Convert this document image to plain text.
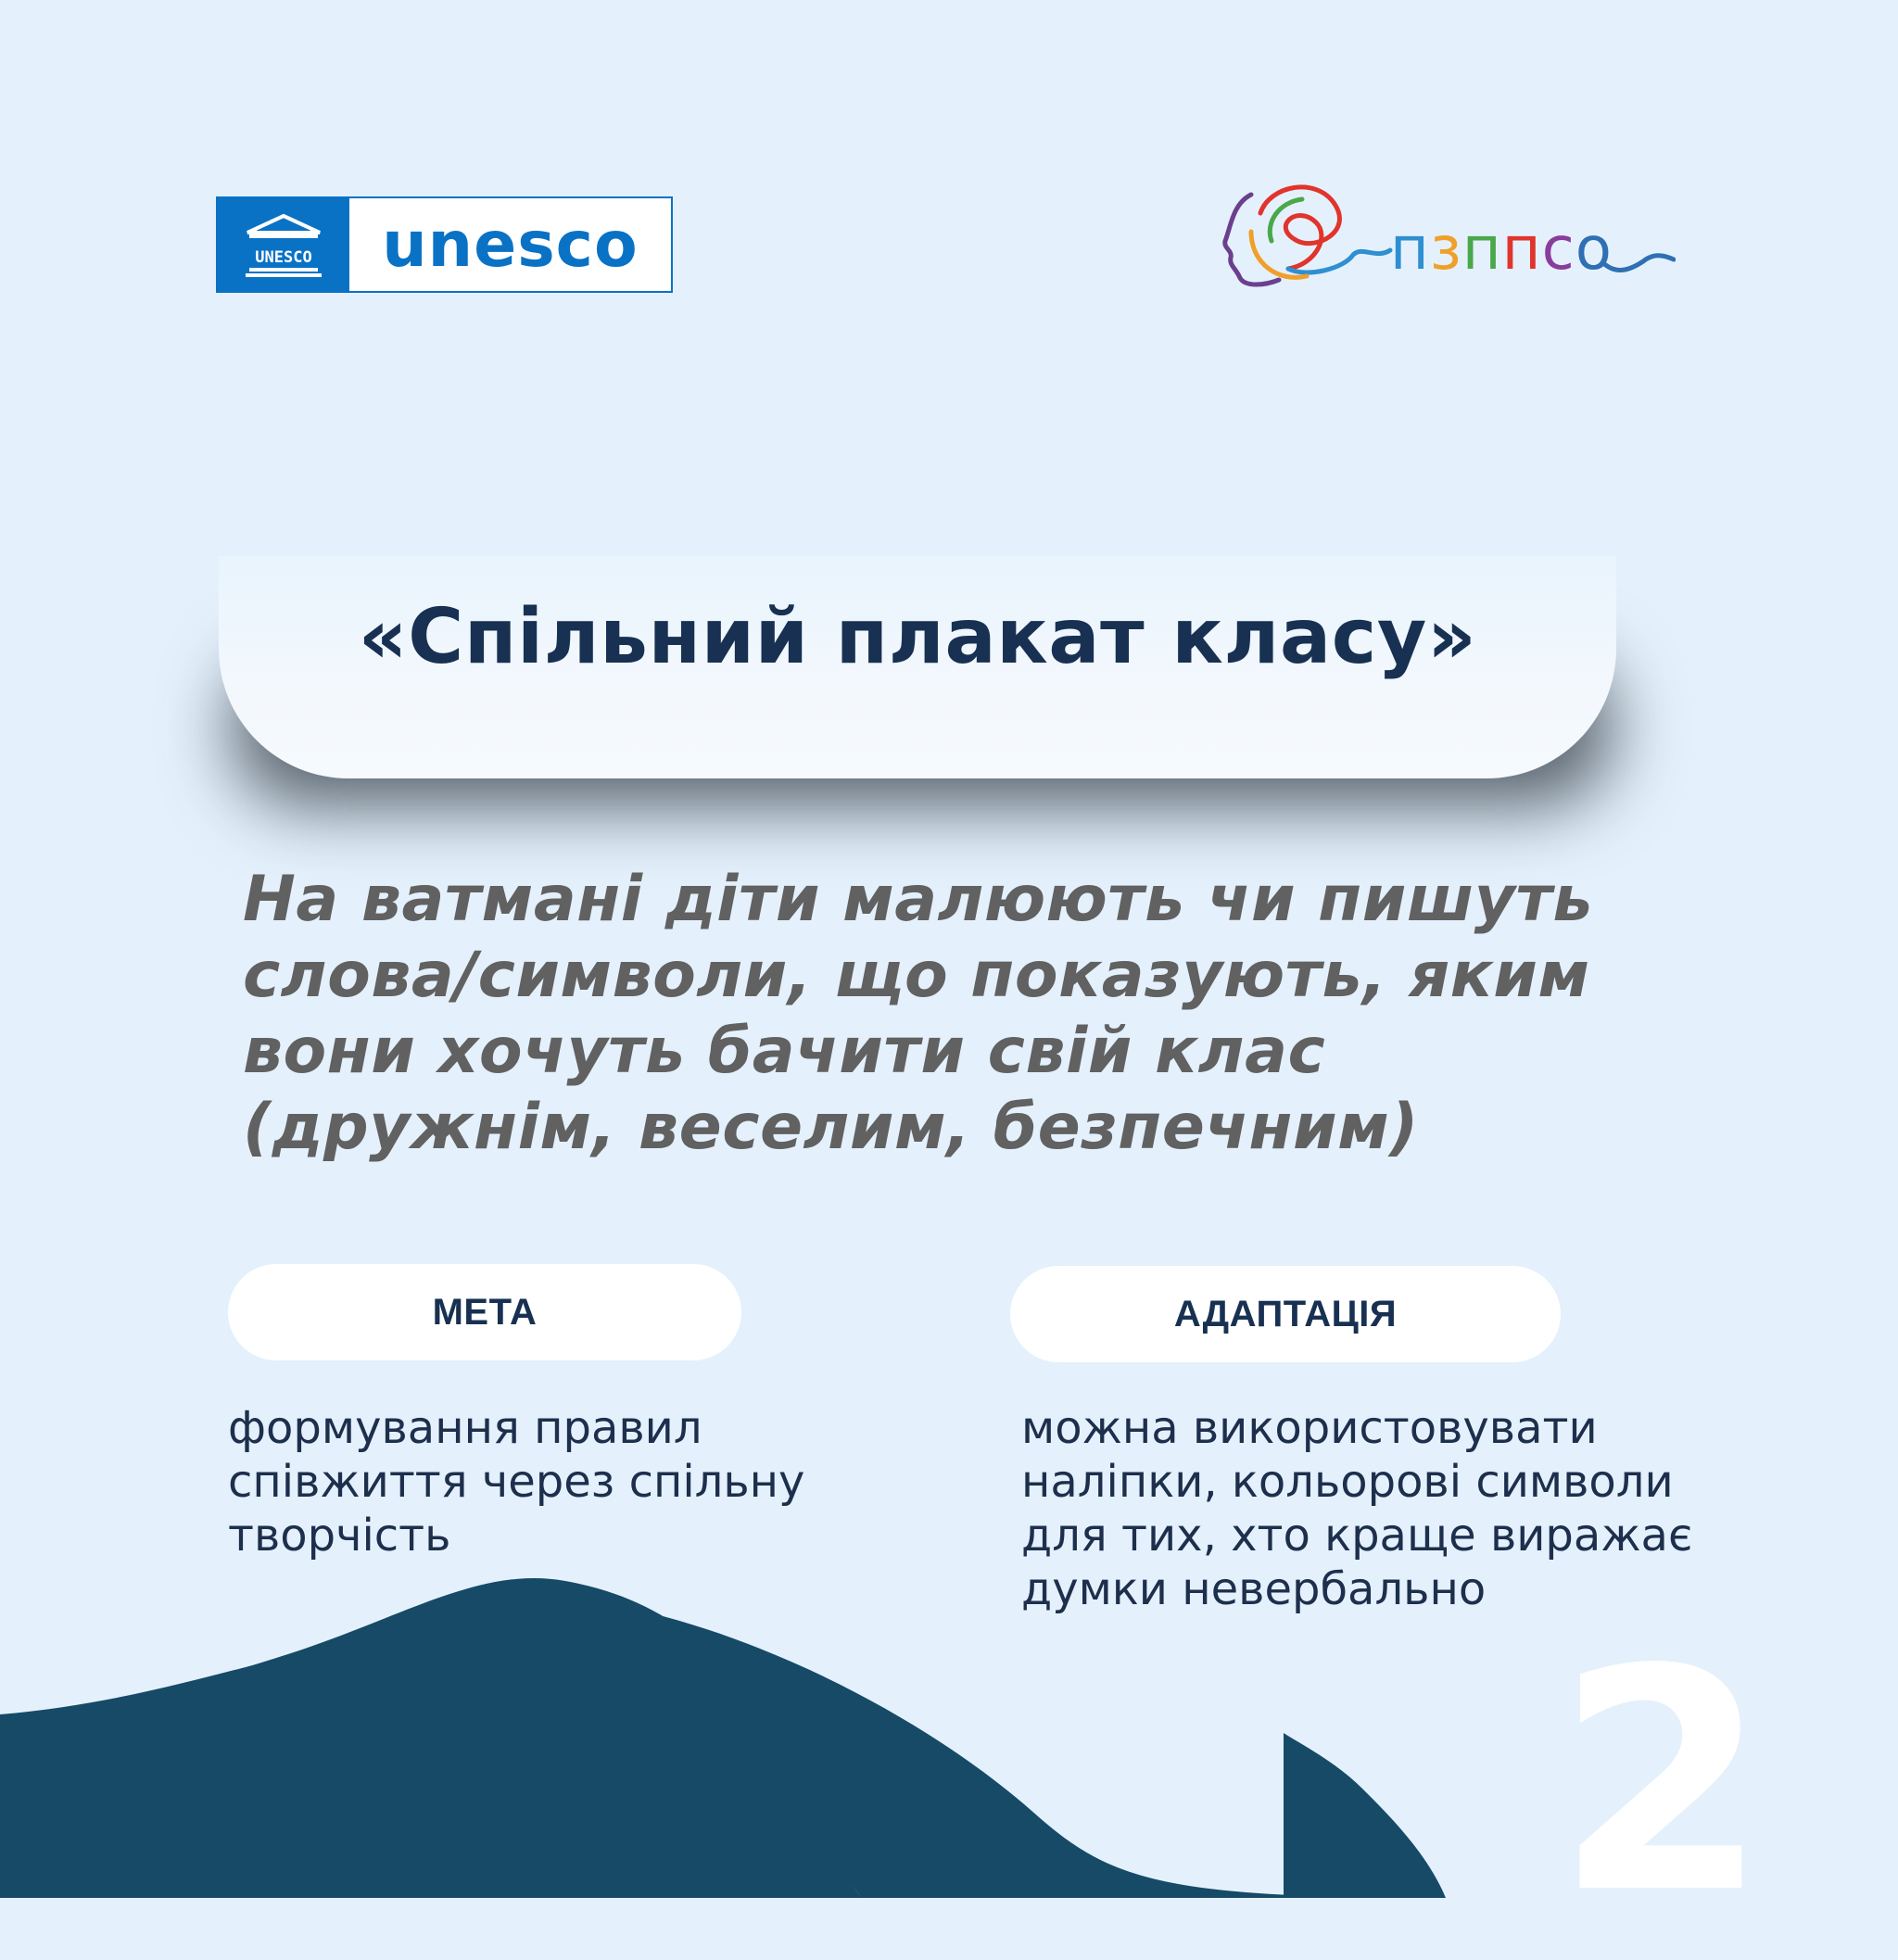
UNESCO	unesco	п з п п с о
«Спільний плакат класу»
На ватмані діти малюють чи пишуть слова/символи, що показують, яким вони хочуть бачити свій клас (дружнім, веселим, безпечним)
МЕТА
формування правил співжиття через спільну творчість
АДАПТАЦІЯ
можна використовувати наліпки, кольорові символи для тих, хто краще виражає думки невербально
2
